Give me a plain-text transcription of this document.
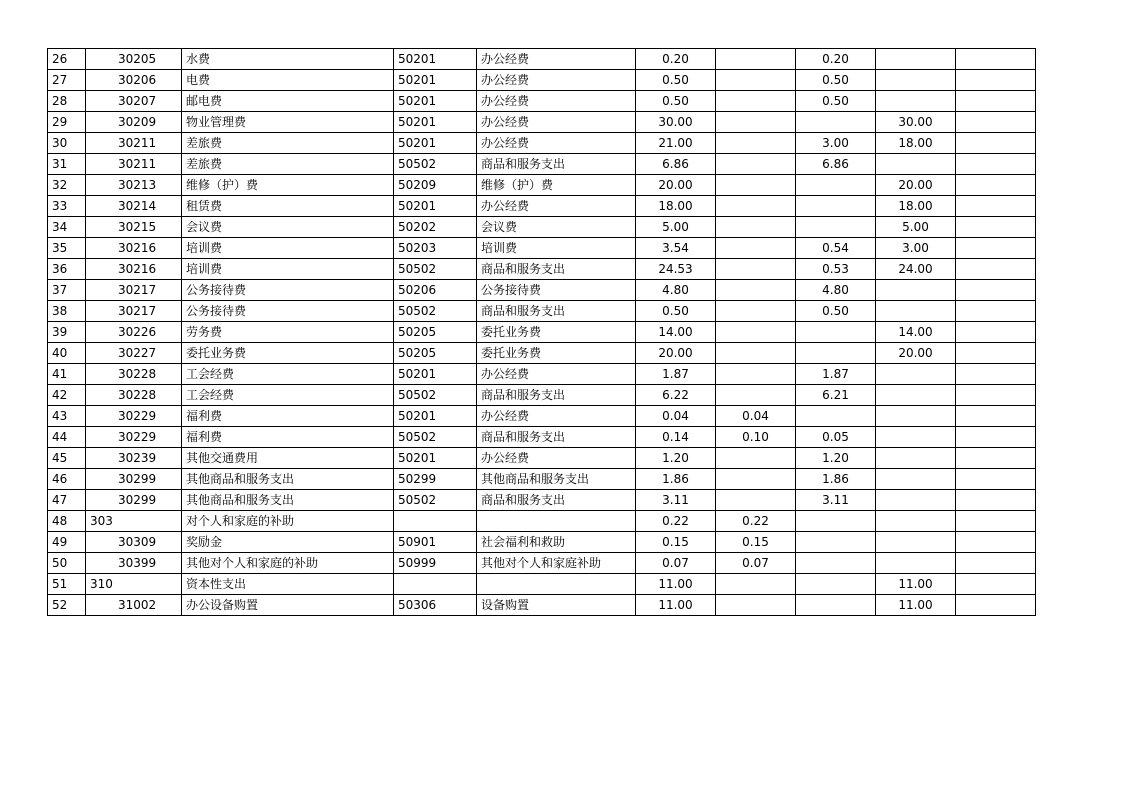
26	30205	水费	50201	办公经费	0.20		0.20		
27	30206	电费	50201	办公经费	0.50		0.50		
28	30207	邮电费	50201	办公经费	0.50		0.50		
29	30209	物业管理费	50201	办公经费	30.00			30.00	
30	30211	差旅费	50201	办公经费	21.00		3.00	18.00	
31	30211	差旅费	50502	商品和服务支出	6.86		6.86		
32	30213	维修（护）费	50209	维修（护）费	20.00			20.00	
33	30214	租赁费	50201	办公经费	18.00			18.00	
34	30215	会议费	50202	会议费	5.00			5.00	
35	30216	培训费	50203	培训费	3.54		0.54	3.00	
36	30216	培训费	50502	商品和服务支出	24.53		0.53	24.00	
37	30217	公务接待费	50206	公务接待费	4.80		4.80		
38	30217	公务接待费	50502	商品和服务支出	0.50		0.50		
39	30226	劳务费	50205	委托业务费	14.00			14.00	
40	30227	委托业务费	50205	委托业务费	20.00			20.00	
41	30228	工会经费	50201	办公经费	1.87		1.87		
42	30228	工会经费	50502	商品和服务支出	6.22		6.21		
43	30229	福利费	50201	办公经费	0.04	0.04			
44	30229	福利费	50502	商品和服务支出	0.14	0.10	0.05		
45	30239	其他交通费用	50201	办公经费	1.20		1.20		
46	30299	其他商品和服务支出	50299	其他商品和服务支出	1.86		1.86		
47	30299	其他商品和服务支出	50502	商品和服务支出	3.11		3.11		
48	303	对个人和家庭的补助			0.22	0.22			
49	30309	奖励金	50901	社会福利和救助	0.15	0.15			
50	30399	其他对个人和家庭的补助	50999	其他对个人和家庭补助	0.07	0.07			
51	310	资本性支出			11.00			11.00	
52	31002	办公设备购置	50306	设备购置	11.00			11.00	
